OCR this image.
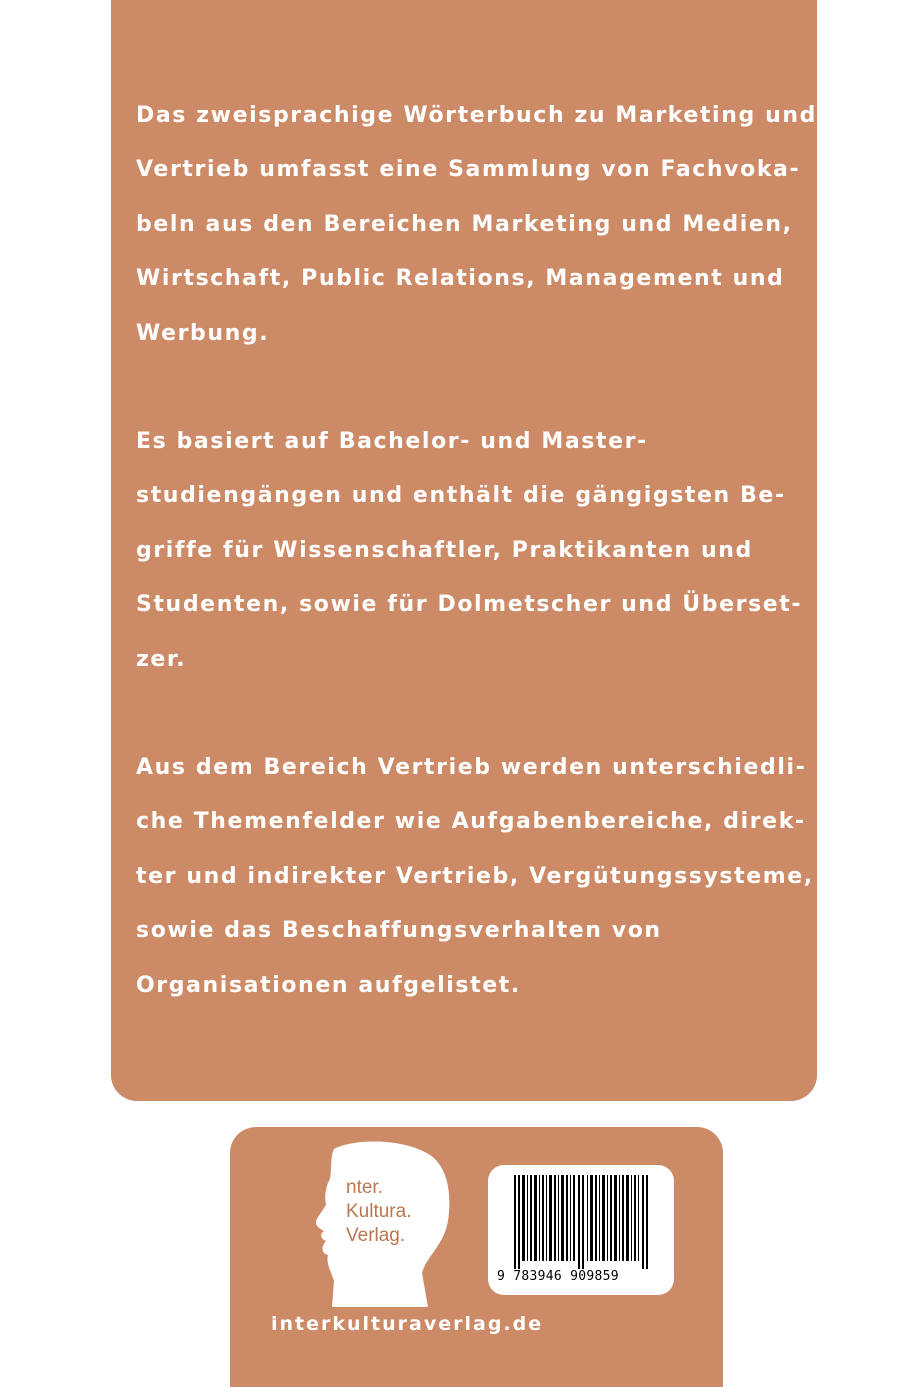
Das zweisprachige Wörterbuch zu Marketing und
Vertrieb umfasst eine Sammlung von Fachvoka-
beln aus den Bereichen Marketing und Medien,
Wirtschaft, Public Relations, Management und
Werbung.

Es basiert auf Bachelor- und Master-
studiengängen und enthält die gängigsten Be-
griffe für Wissenschaftler, Praktikanten und
Studenten, sowie für Dolmetscher und Überset-
zer.

Aus dem Bereich Vertrieb werden unterschiedli-
che Themenfelder wie Aufgabenbereiche, direk-
ter und indirekter Vertrieb, Vergütungssysteme,
sowie das Beschaffungsverhalten von
Organisationen aufgelistet.

nter.
Kultura.
Verlag.
9 783946 909859
interkulturaverlag.de
